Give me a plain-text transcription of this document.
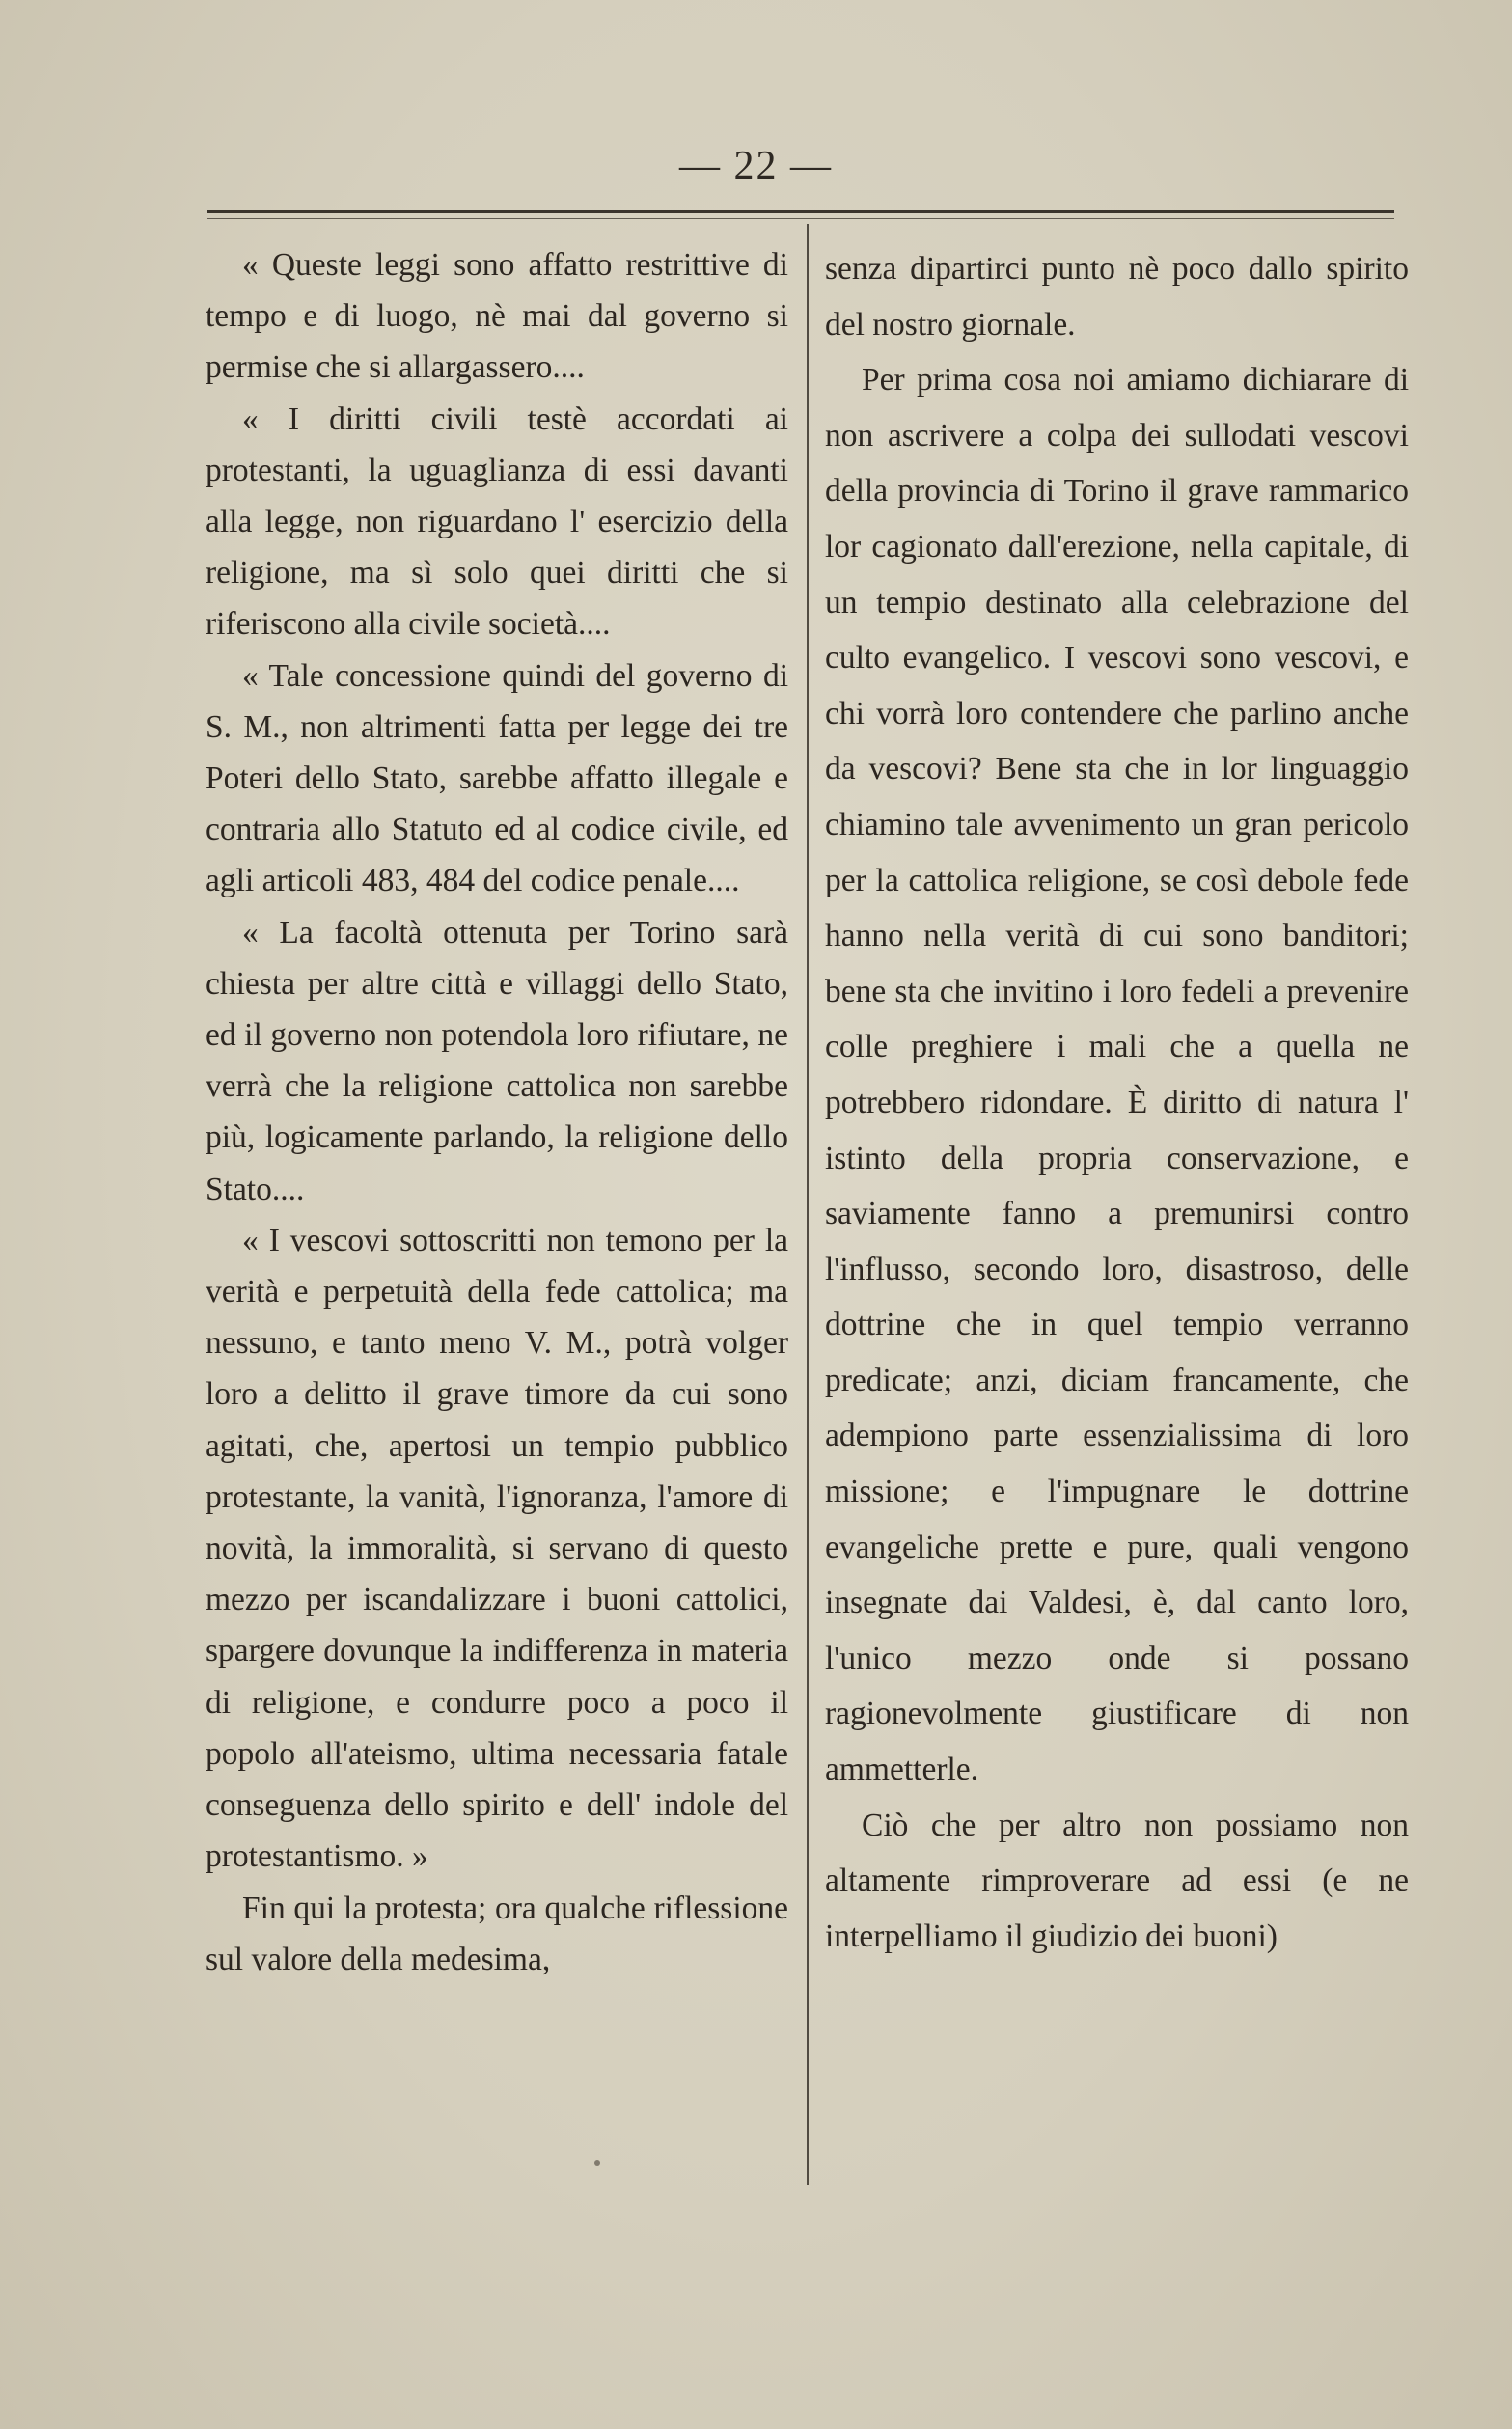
— 22 —

« Queste leggi sono affatto restrittive di tempo e di luogo, nè mai dal governo si permise che si allargassero....

« I diritti civili testè accordati ai protestanti, la uguaglianza di essi davanti alla legge, non riguardano l' esercizio della religione, ma sì solo quei diritti che si riferiscono alla civile società....

« Tale concessione quindi del governo di S. M., non altrimenti fatta per legge dei tre Poteri dello Stato, sarebbe affatto illegale e contraria allo Statuto ed al codice civile, ed agli articoli 483, 484 del codice penale....

« La facoltà ottenuta per Torino sarà chiesta per altre città e villaggi dello Stato, ed il governo non potendola loro rifiutare, ne verrà che la religione cattolica non sarebbe più, logicamente parlando, la religione dello Stato....

« I vescovi sottoscritti non temono per la verità e perpetuità della fede cattolica; ma nessuno, e tanto meno V. M., potrà volger loro a delitto il grave timore da cui sono agitati, che, apertosi un tempio pubblico protestante, la vanità, l'ignoranza, l'amore di novità, la immoralità, si servano di questo mezzo per iscandalizzare i buoni cattolici, spargere dovunque la indifferenza in materia di religione, e condurre poco a poco il popolo all'ateismo, ultima necessaria fatale conseguenza dello spirito e dell' indole del protestantismo. »

Fin qui la protesta; ora qualche riflessione sul valore della medesima,

senza dipartirci punto nè poco dallo spirito del nostro giornale.

Per prima cosa noi amiamo dichiarare di non ascrivere a colpa dei sullodati vescovi della provincia di Torino il grave rammarico lor cagionato dall'erezione, nella capitale, di un tempio destinato alla celebrazione del culto evangelico. I vescovi sono vescovi, e chi vorrà loro contendere che parlino anche da vescovi? Bene sta che in lor linguaggio chiamino tale avvenimento un gran pericolo per la cattolica religione, se così debole fede hanno nella verità di cui sono banditori; bene sta che invitino i loro fedeli a prevenire colle preghiere i mali che a quella ne potrebbero ridondare. È diritto di natura l' istinto della propria conservazione, e saviamente fanno a premunirsi contro l'influsso, secondo loro, disastroso, delle dottrine che in quel tempio verranno predicate; anzi, diciam francamente, che adempiono parte essenzialissima di loro missione; e l'impugnare le dottrine evangeliche prette e pure, quali vengono insegnate dai Valdesi, è, dal canto loro, l'unico mezzo onde si possano ragionevolmente giustificare di non ammetterle.

Ciò che per altro non possiamo non altamente rimproverare ad essi (e ne interpelliamo il giudizio dei buoni)
